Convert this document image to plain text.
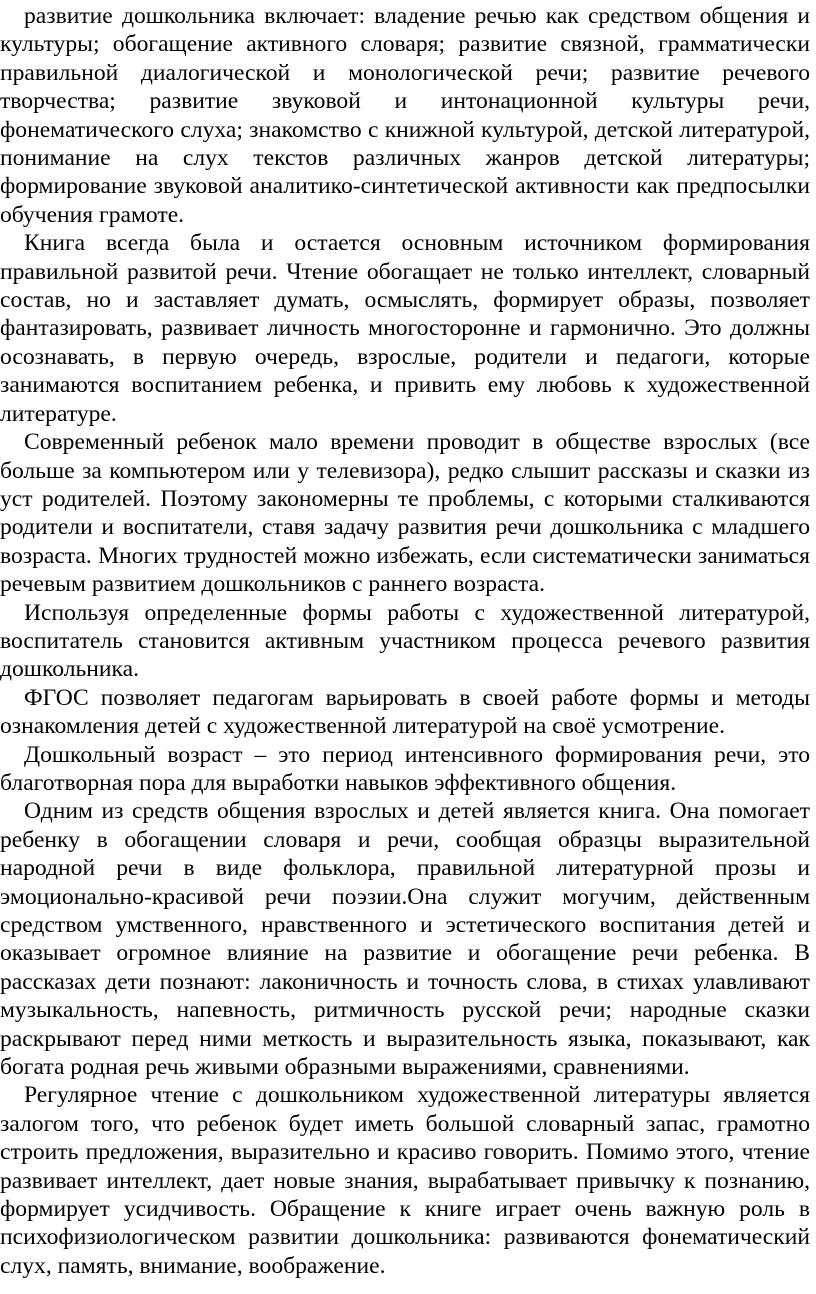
развитие дошкольника включает: владение речью как средством общения и культуры; обогащение активного словаря; развитие связной, грамматически правильной диалогической и монологической речи; развитие речевого творчества; развитие звуковой и интонационной культуры речи, фонематического слуха; знакомство с книжной культурой, детской литературой, понимание на слух текстов различных жанров детской литературы; формирование звуковой аналитико-синтетической активности как предпосылки обучения грамоте.

Книга всегда была и остается основным источником формирования правильной развитой речи. Чтение обогащает не только интеллект, словарный состав, но и заставляет думать, осмыслять, формирует образы, позволяет фантазировать, развивает личность многосторонне и гармонично. Это должны осознавать, в первую очередь, взрослые, родители и педагоги, которые занимаются воспитанием ребенка, и привить ему любовь к художественной литературе.

Современный ребенок мало времени проводит в обществе взрослых (все больше за компьютером или у телевизора), редко слышит рассказы и сказки из уст родителей. Поэтому закономерны те проблемы, с которыми сталкиваются родители и воспитатели, ставя задачу развития речи дошкольника с младшего возраста. Многих трудностей можно избежать, если систематически заниматься речевым развитием дошкольников с раннего возраста.

Используя определенные формы работы с художественной литературой, воспитатель становится активным участником процесса речевого развития дошкольника.

ФГОС позволяет педагогам варьировать в своей работе формы и методы ознакомления детей с художественной литературой на своё усмотрение.

Дошкольный возраст – это период интенсивного формирования речи, это благотворная пора для выработки навыков эффективного общения.

Одним из средств общения взрослых и детей является книга. Она помогает ребенку в обогащении словаря и речи, сообщая образцы выразительной народной речи в виде фольклора, правильной литературной прозы и эмоционально-красивой речи поэзии.Она служит могучим, действенным средством умственного, нравственного и эстетического воспитания детей и оказывает огромное влияние на развитие и обогащение речи ребенка. В рассказах дети познают: лаконичность и точность слова, в стихах улавливают музыкальность, напевность, ритмичность русской речи; народные сказки раскрывают перед ними меткость и выразительность языка, показывают, как богата родная речь живыми образными выражениями, сравнениями.

Регулярное чтение с дошкольником художественной литературы является залогом того, что ребенок будет иметь большой словарный запас, грамотно строить предложения, выразительно и красиво говорить. Помимо этого, чтение развивает интеллект, дает новые знания, вырабатывает привычку к познанию, формирует усидчивость. Обращение к книге играет очень важную роль в психофизиологическом развитии дошкольника: развиваются фонематический слух, память, внимание, воображение.
